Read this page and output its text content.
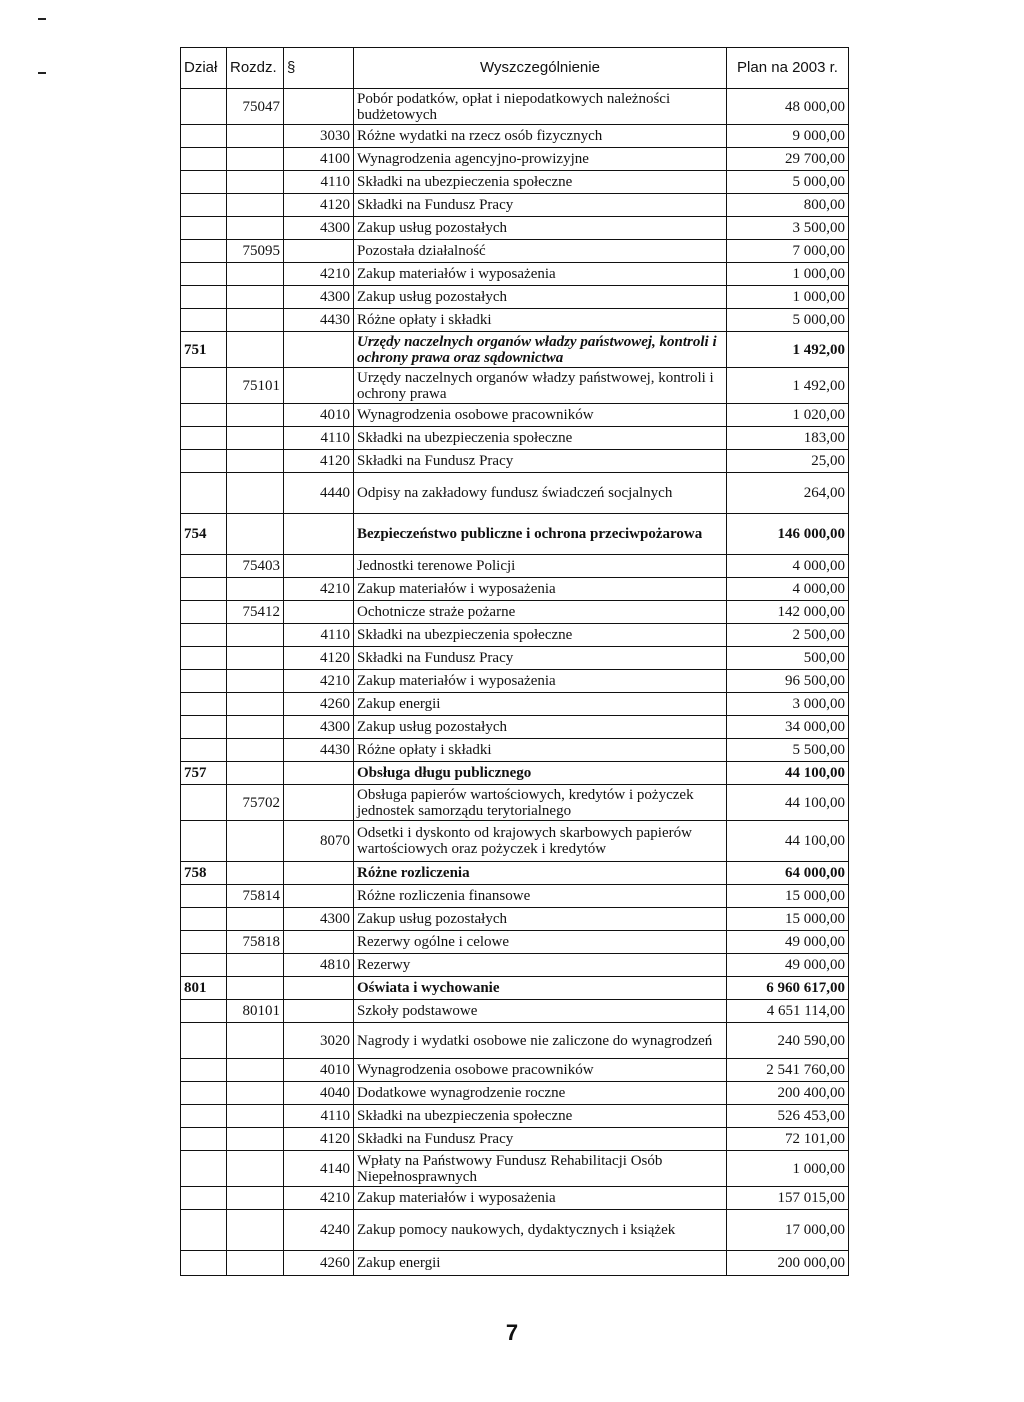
Dział	Rozdz.	§	Wyszczególnienie	Plan na 2003 r.
	75047		Pobór podatków, opłat i niepodatkowych należności budżetowych	48 000,00
		3030	Różne wydatki na rzecz osób fizycznych	9 000,00
		4100	Wynagrodzenia agencyjno-prowizyjne	29 700,00
		4110	Składki na ubezpieczenia społeczne	5 000,00
		4120	Składki na Fundusz Pracy	800,00
		4300	Zakup usług pozostałych	3 500,00
	75095		Pozostała działalność	7 000,00
		4210	Zakup materiałów i wyposażenia	1 000,00
		4300	Zakup usług pozostałych	1 000,00
		4430	Różne opłaty i składki	5 000,00
751			Urzędy naczelnych organów władzy państwowej, kontroli i ochrony prawa oraz sądownictwa	1 492,00
	75101		Urzędy naczelnych organów władzy państwowej, kontroli i ochrony prawa	1 492,00
		4010	Wynagrodzenia osobowe pracowników	1 020,00
		4110	Składki na ubezpieczenia społeczne	183,00
		4120	Składki na Fundusz Pracy	25,00
		4440	Odpisy na zakładowy fundusz świadczeń socjalnych	264,00
754			Bezpieczeństwo publiczne i ochrona przeciwpożarowa	146 000,00
	75403		Jednostki terenowe Policji	4 000,00
		4210	Zakup materiałów i wyposażenia	4 000,00
	75412		Ochotnicze straże pożarne	142 000,00
		4110	Składki na ubezpieczenia społeczne	2 500,00
		4120	Składki na Fundusz Pracy	500,00
		4210	Zakup materiałów i wyposażenia	96 500,00
		4260	Zakup energii	3 000,00
		4300	Zakup usług pozostałych	34 000,00
		4430	Różne opłaty i składki	5 500,00
757			Obsługa długu publicznego	44 100,00
	75702		Obsługa papierów wartościowych, kredytów i pożyczek jednostek samorządu terytorialnego	44 100,00
		8070	Odsetki i dyskonto od krajowych skarbowych papierów wartościowych oraz pożyczek i kredytów	44 100,00
758			Różne rozliczenia	64 000,00
	75814		Różne rozliczenia finansowe	15 000,00
		4300	Zakup usług pozostałych	15 000,00
	75818		Rezerwy ogólne i celowe	49 000,00
		4810	Rezerwy	49 000,00
801			Oświata i wychowanie	6 960 617,00
	80101		Szkoły podstawowe	4 651 114,00
		3020	Nagrody i wydatki osobowe nie zaliczone do wynagrodzeń	240 590,00
		4010	Wynagrodzenia osobowe pracowników	2 541 760,00
		4040	Dodatkowe wynagrodzenie roczne	200 400,00
		4110	Składki na ubezpieczenia społeczne	526 453,00
		4120	Składki na Fundusz Pracy	72 101,00
		4140	Wpłaty na Państwowy Fundusz Rehabilitacji Osób Niepełnosprawnych	1 000,00
		4210	Zakup materiałów i wyposażenia	157 015,00
		4240	Zakup pomocy naukowych, dydaktycznych i książek	17 000,00
		4260	Zakup energii	200 000,00
7
